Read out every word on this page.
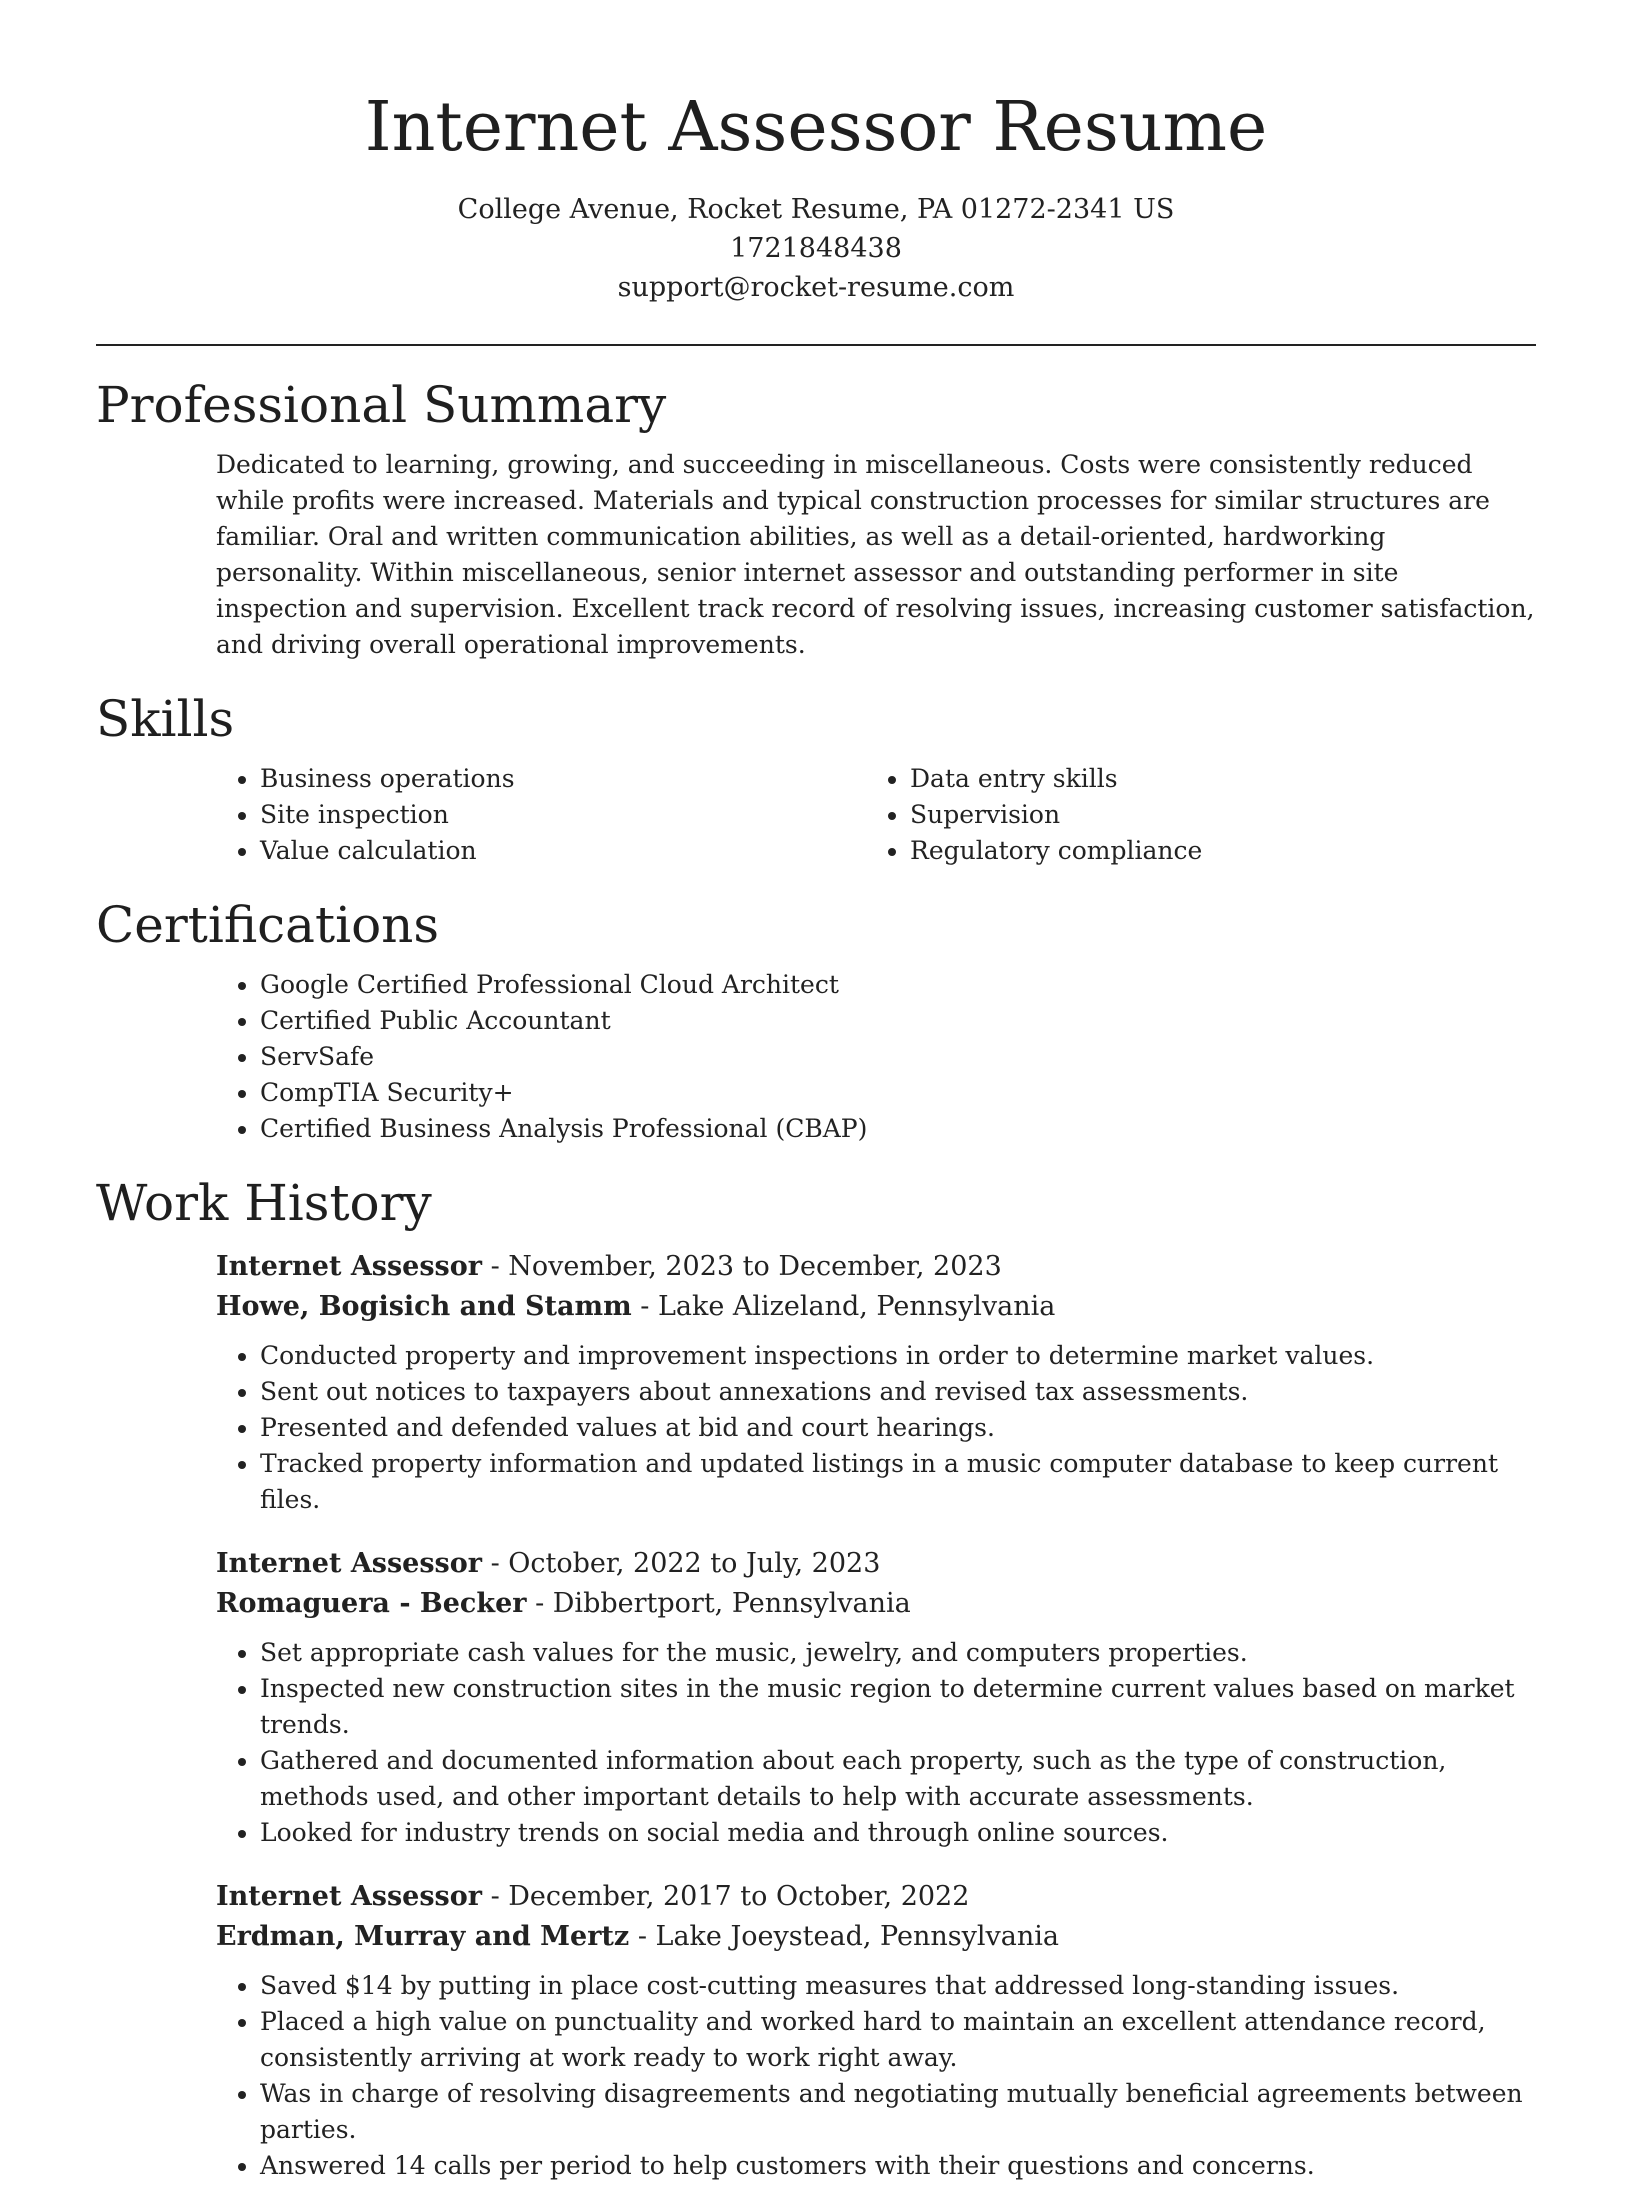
Internet Assessor Resume

College Avenue, Rocket Resume, PA 01272-2341 US

1721848438

support@rocket-resume.com

Professional Summary

Dedicated to learning, growing, and succeeding in miscellaneous. Costs were consistently reduced while profits were increased. Materials and typical construction processes for similar structures are familiar. Oral and written communication abilities, as well as a detail-oriented, hardworking personality. Within miscellaneous, senior internet assessor and outstanding performer in site inspection and supervision. Excellent track record of resolving issues, increasing customer satisfaction, and driving overall operational improvements.

Skills
• Business operations
• Site inspection
• Value calculation
• Data entry skills
• Supervision
• Regulatory compliance
Certifications
• Google Certified Professional Cloud Architect
• Certified Public Accountant
• ServSafe
• CompTIA Security+
• Certified Business Analysis Professional (CBAP)
Work History

Internet Assessor - November, 2023 to December, 2023

Howe, Bogisich and Stamm - Lake Alizeland, Pennsylvania

• Conducted property and improvement inspections in order to determine market values.
• Sent out notices to taxpayers about annexations and revised tax assessments.
• Presented and defended values at bid and court hearings.
• Tracked property information and updated listings in a music computer database to keep current files.

Internet Assessor - October, 2022 to July, 2023

Romaguera - Becker - Dibbertport, Pennsylvania

• Set appropriate cash values for the music, jewelry, and computers properties.
• Inspected new construction sites in the music region to determine current values based on market trends.
• Gathered and documented information about each property, such as the type of construction, methods used, and other important details to help with accurate assessments.
• Looked for industry trends on social media and through online sources.

Internet Assessor - December, 2017 to October, 2022

Erdman, Murray and Mertz - Lake Joeystead, Pennsylvania

• Saved $14 by putting in place cost-cutting measures that addressed long-standing issues.
• Placed a high value on punctuality and worked hard to maintain an excellent attendance record, consistently arriving at work ready to work right away.
• Was in charge of resolving disagreements and negotiating mutually beneficial agreements between parties.
• Answered 14 calls per period to help customers with their questions and concerns.
